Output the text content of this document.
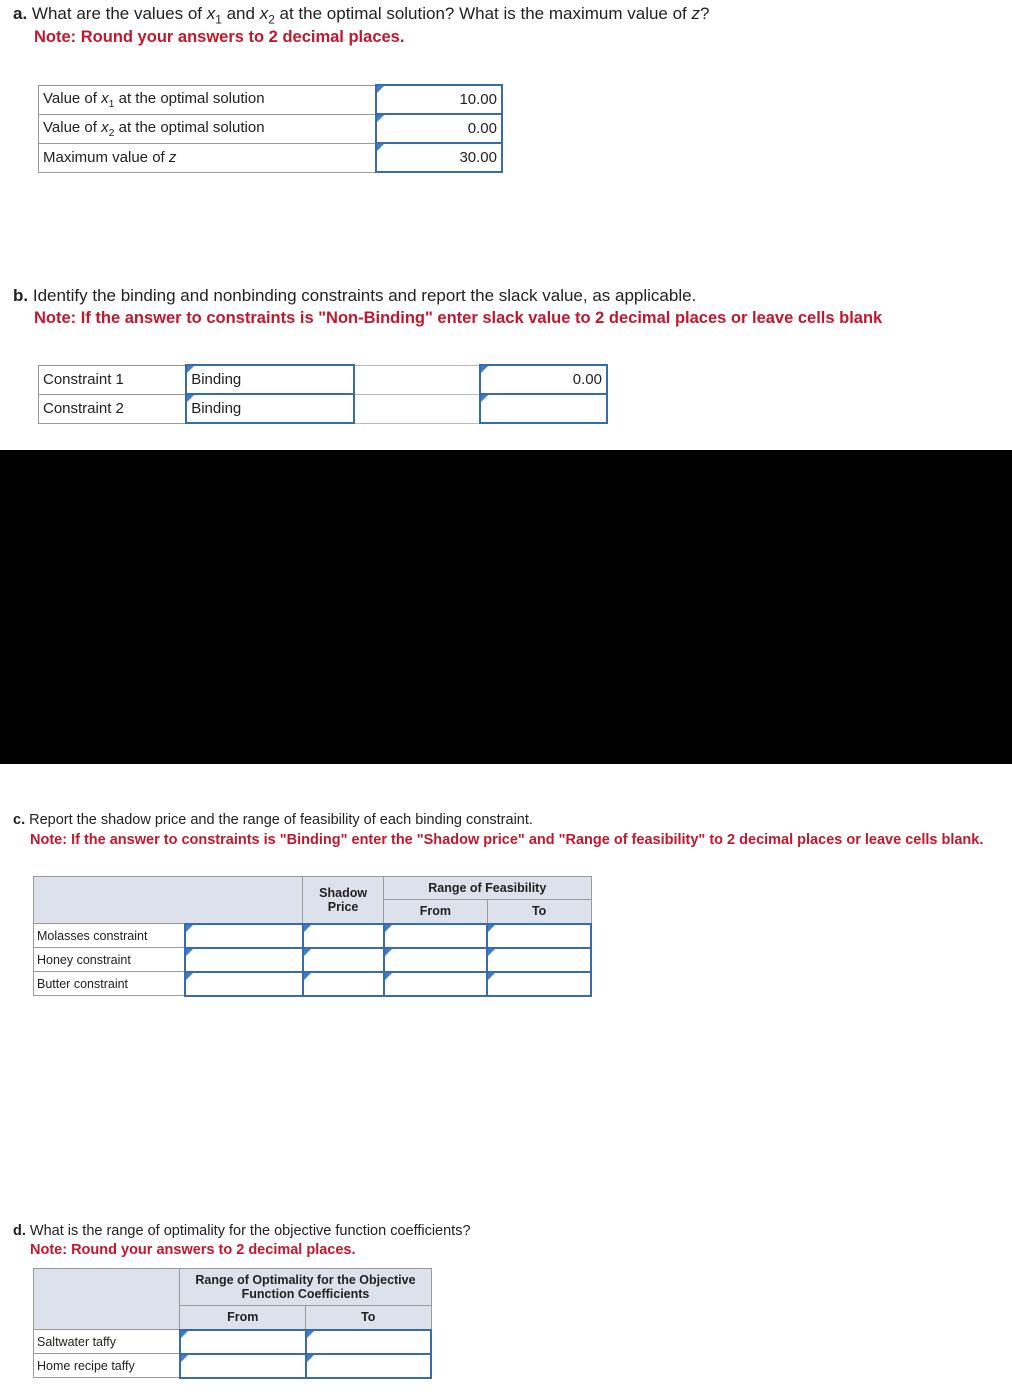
a. What are the values of $x_1$ and $x_2$ at the optimal solution? What is the maximum value of z?
Note: Round your answers to 2 decimal places.
Value of $x_1$ at the optimal solution	10.00
Value of $x_2$ at the optimal solution	0.00
Maximum value of z	30.00
b. Identify the binding and nonbinding constraints and report the slack value, as applicable.
Note: If the answer to constraints is "Non-Binding" enter slack value to 2 decimal places or leave cells blank
Constraint 1	Binding		0.00
Constraint 2	Binding		
c. Report the shadow price and the range of feasibility of each binding constraint.
Note: If the answer to constraints is "Binding" enter the "Shadow price" and "Range of feasibility" to 2 decimal places or leave cells blank.
		Shadow Price	Range of Feasibility	
			From	To
Molasses constraint	

Honey constraint	

Butter constraint	

d. What is the range of optimality for the objective function coefficients?
Note: Round your answers to 2 decimal places.
	Range of Optimality for the Objective Function Coefficients	
	From	To
Saltwater taffy	

Home recipe taffy	
